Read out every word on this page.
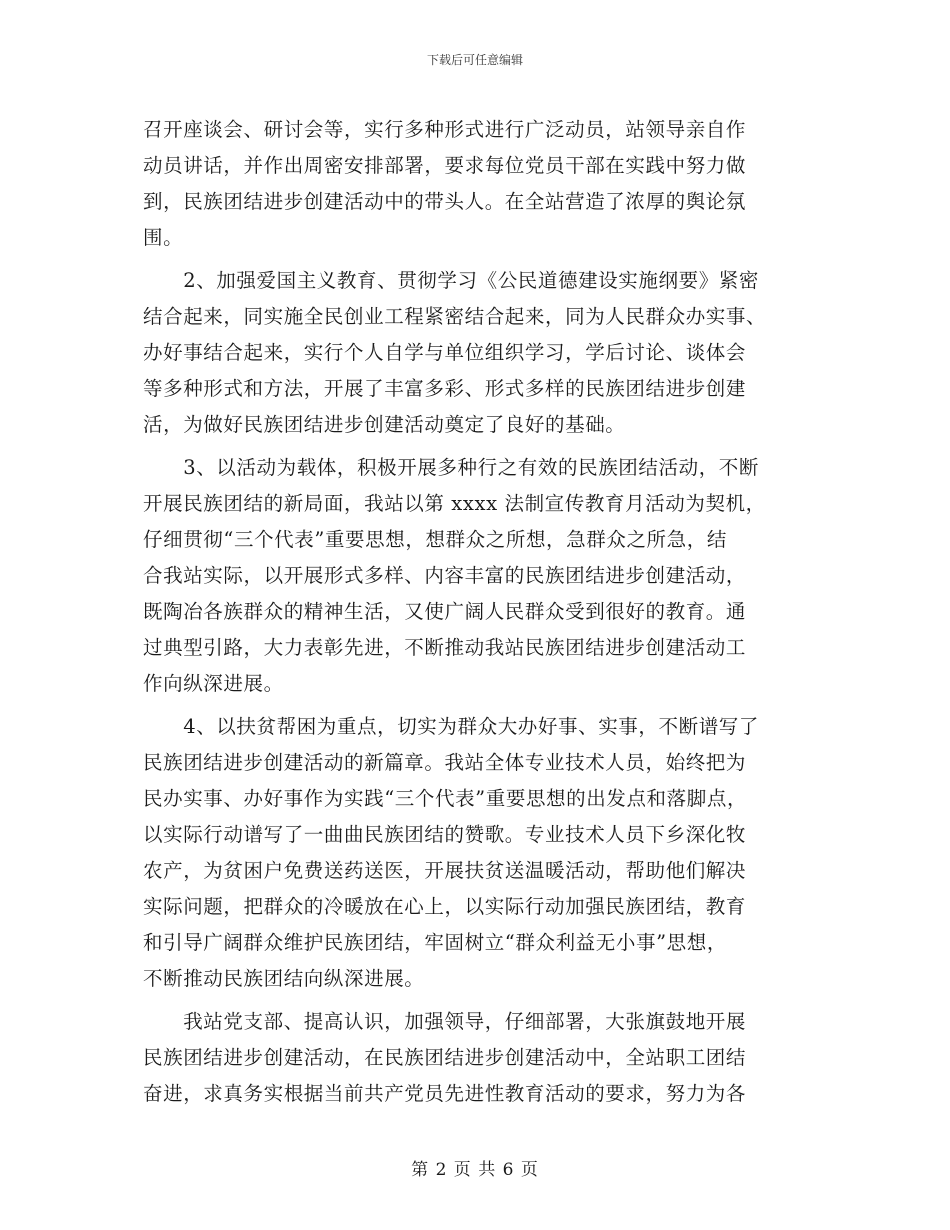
下载后可任意编辑
召开座谈会、研讨会等，实行多种形式进行广泛动员，站领导亲自作
动员讲话，并作出周密安排部署，要求每位党员干部在实践中努力做
到，民族团结进步创建活动中的带头人。在全站营造了浓厚的舆论氛
围。
　　2、加强爱国主义教育、贯彻学习《公民道德建设实施纲要》紧密
结合起来，同实施全民创业工程紧密结合起来，同为人民群众办实事、
办好事结合起来，实行个人自学与单位组织学习，学后讨论、谈体会
等多种形式和方法，开展了丰富多彩、形式多样的民族团结进步创建
活，为做好民族团结进步创建活动奠定了良好的基础。
　　3、以活动为载体，积极开展多种行之有效的民族团结活动，不断
开展民族团结的新局面，我站以第 xxxx 法制宣传教育月活动为契机，
仔细贯彻“三个代表”重要思想，想群众之所想，急群众之所急，结
合我站实际，以开展形式多样、内容丰富的民族团结进步创建活动，
既陶冶各族群众的精神生活，又使广阔人民群众受到很好的教育。通
过典型引路，大力表彰先进，不断推动我站民族团结进步创建活动工
作向纵深进展。
　　4、以扶贫帮困为重点，切实为群众大办好事、实事，不断谱写了
民族团结进步创建活动的新篇章。我站全体专业技术人员，始终把为
民办实事、办好事作为实践“三个代表”重要思想的出发点和落脚点，
以实际行动谱写了一曲曲民族团结的赞歌。专业技术人员下乡深化牧
农产，为贫困户免费送药送医，开展扶贫送温暖活动，帮助他们解决
实际问题，把群众的冷暖放在心上，以实际行动加强民族团结，教育
和引导广阔群众维护民族团结，牢固树立“群众利益无小事”思想，
不断推动民族团结向纵深进展。
　　我站党支部、提高认识，加强领导，仔细部署，大张旗鼓地开展
民族团结进步创建活动，在民族团结进步创建活动中，全站职工团结
奋进，求真务实根据当前共产党员先进性教育活动的要求，努力为各
第 2 页 共 6 页
